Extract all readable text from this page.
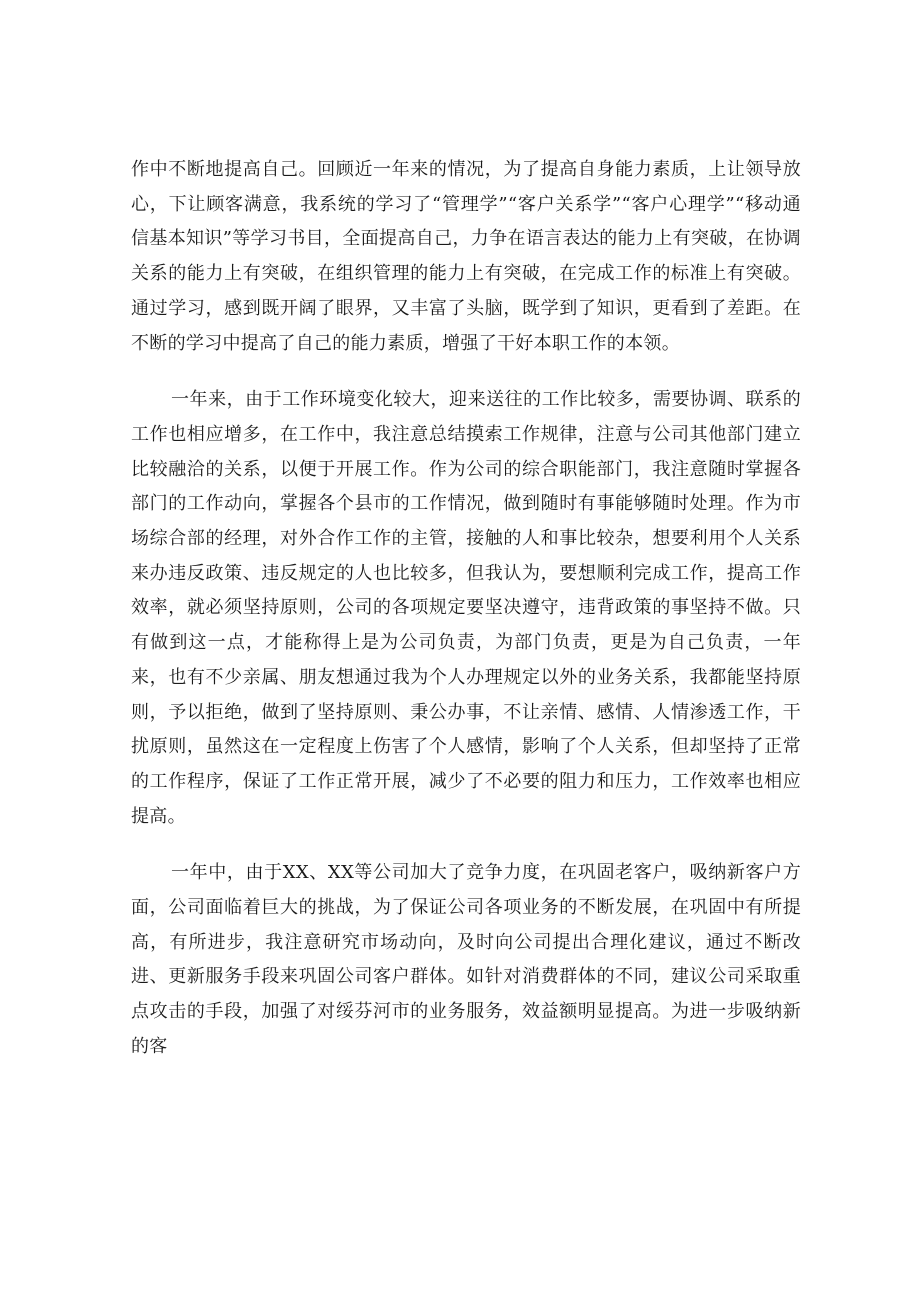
作中不断地提高自己。回顾近一年来的情况，为了提高自身能力素质，上让领导放心，下让顾客满意，我系统的学习了“管理学”“客户关系学”“客户心理学”“移动通信基本知识”等学习书目，全面提高自己，力争在语言表达的能力上有突破，在协调关系的能力上有突破，在组织管理的能力上有突破，在完成工作的标准上有突破。通过学习，感到既开阔了眼界，又丰富了头脑，既学到了知识，更看到了差距。在不断的学习中提高了自己的能力素质，增强了干好本职工作的本领。

一年来，由于工作环境变化较大，迎来送往的工作比较多，需要协调、联系的工作也相应增多，在工作中，我注意总结摸索工作规律，注意与公司其他部门建立比较融洽的关系，以便于开展工作。作为公司的综合职能部门，我注意随时掌握各部门的工作动向，掌握各个县市的工作情况，做到随时有事能够随时处理。作为市场综合部的经理，对外合作工作的主管，接触的人和事比较杂，想要利用个人关系来办违反政策、违反规定的人也比较多，但我认为，要想顺利完成工作，提高工作效率，就必须坚持原则，公司的各项规定要坚决遵守，违背政策的事坚持不做。只有做到这一点，才能称得上是为公司负责，为部门负责，更是为自己负责，一年来，也有不少亲属、朋友想通过我为个人办理规定以外的业务关系，我都能坚持原则，予以拒绝，做到了坚持原则、秉公办事，不让亲情、感情、人情渗透工作，干扰原则，虽然这在一定程度上伤害了个人感情，影响了个人关系，但却坚持了正常的工作程序，保证了工作正常开展，减少了不必要的阻力和压力，工作效率也相应提高。

一年中，由于XX、XX等公司加大了竞争力度，在巩固老客户，吸纳新客户方面，公司面临着巨大的挑战，为了保证公司各项业务的不断发展，在巩固中有所提高，有所进步，我注意研究市场动向，及时向公司提出合理化建议，通过不断改进、更新服务手段来巩固公司客户群体。如针对消费群体的不同，建议公司采取重点攻击的手段，加强了对绥芬河市的业务服务，效益额明显提高。为进一步吸纳新的客
